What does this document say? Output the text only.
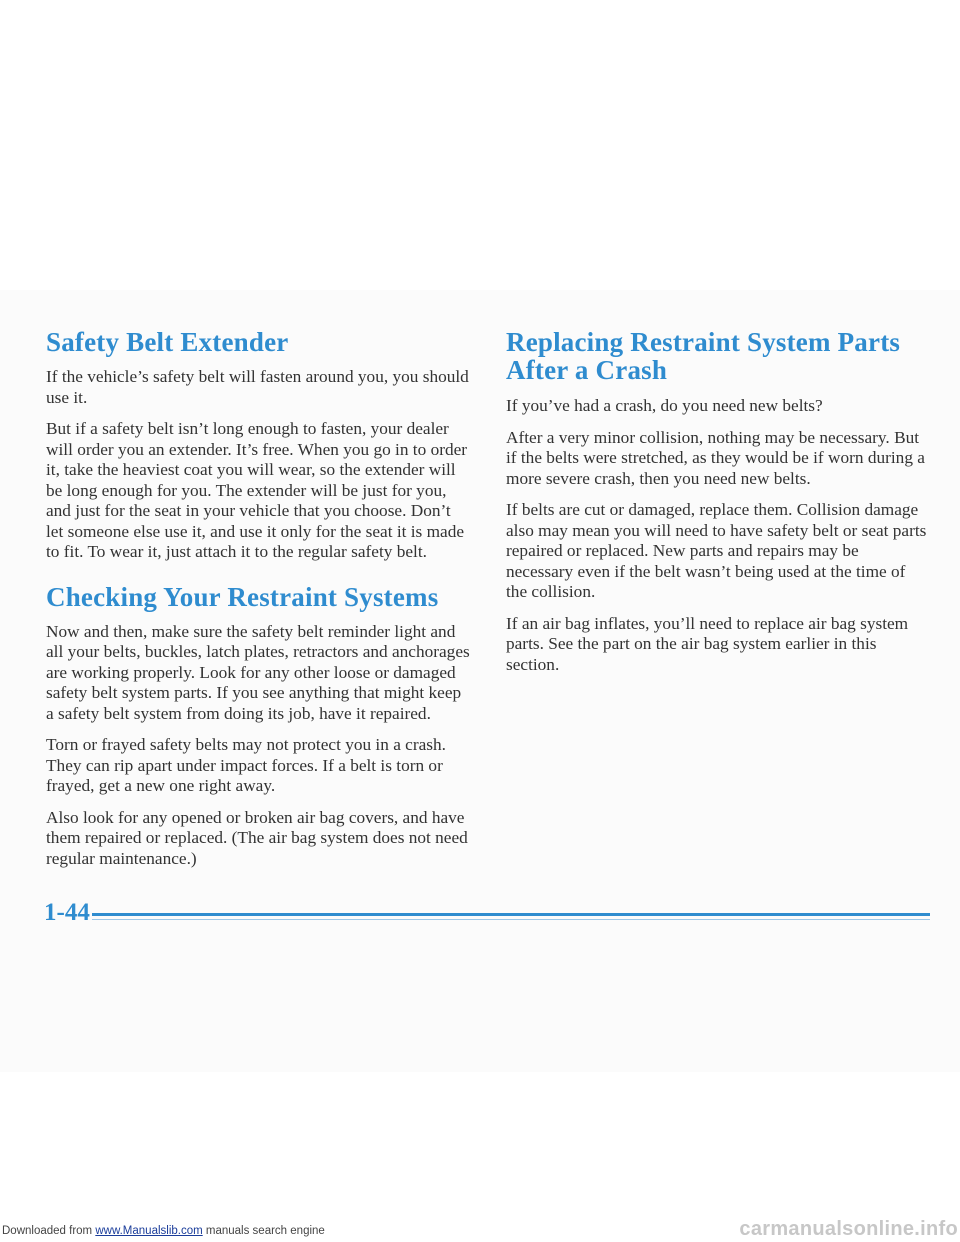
Safety Belt Extender

If the vehicle’s safety belt will fasten around you, you should use it.

But if a safety belt isn’t long enough to fasten, your dealer will order you an extender. It’s free. When you go in to order it, take the heaviest coat you will wear, so the extender will be long enough for you. The extender will be just for you, and just for the seat in your vehicle that you choose. Don’t let someone else use it, and use it only for the seat it is made to fit. To wear it, just attach it to the regular safety belt.

Checking Your Restraint Systems

Now and then, make sure the safety belt reminder light and all your belts, buckles, latch plates, retractors and anchorages are working properly. Look for any other loose or damaged safety belt system parts. If you see anything that might keep a safety belt system from doing its job, have it repaired.

Torn or frayed safety belts may not protect you in a crash. They can rip apart under impact forces. If a belt is torn or frayed, get a new one right away.

Also look for any opened or broken air bag covers, and have them repaired or replaced. (The air bag system does not need regular maintenance.)

Replacing Restraint System Parts
After a Crash

If you’ve had a crash, do you need new belts?

After a very minor collision, nothing may be necessary. But if the belts were stretched, as they would be if worn during a more severe crash, then you need new belts.

If belts are cut or damaged, replace them. Collision damage also may mean you will need to have safety belt or seat parts repaired or replaced. New parts and repairs may be necessary even if the belt wasn’t being used at the time of the collision.

If an air bag inflates, you’ll need to replace air bag system parts. See the part on the air bag system earlier in this section.

1-44
Downloaded from www.Manualslib.com manuals search engine	carmanualsonline.info
